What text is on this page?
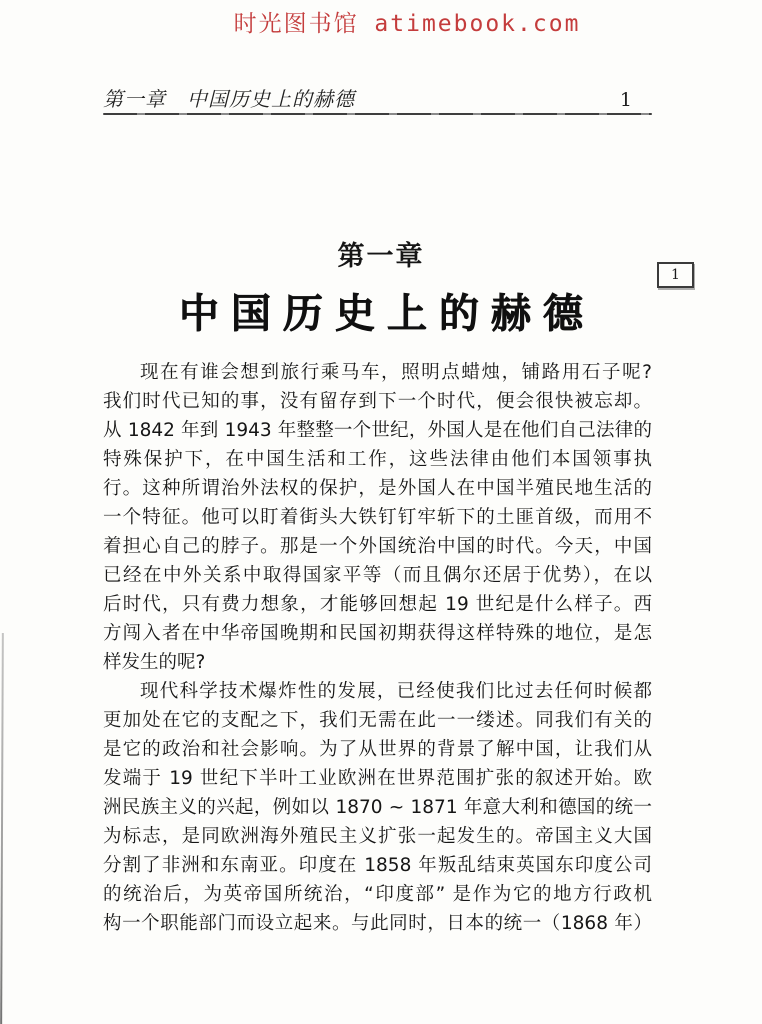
时光图书馆 atimebook.com
第一章　中国历史上的赫德	1
1
第一章
中国历史上的赫德
现在有谁会想到旅行乘马车，照明点蜡烛，铺路用石子呢?
我们时代已知的事，没有留存到下一个时代，便会很快被忘却。
从 1842 年到 1943 年整整一个世纪，外国人是在他们自己法律的
特殊保护下，在中国生活和工作，这些法律由他们本国领事执
行。这种所谓治外法权的保护，是外国人在中国半殖民地生活的
一个特征。他可以盯着街头大铁钉钉牢斩下的土匪首级，而用不
着担心自己的脖子。那是一个外国统治中国的时代。今天，中国
已经在中外关系中取得国家平等（而且偶尔还居于优势），在以
后时代，只有费力想象，才能够回想起 19 世纪是什么样子。西
方闯入者在中华帝国晚期和民国初期获得这样特殊的地位，是怎
样发生的呢?
现代科学技术爆炸性的发展，已经使我们比过去任何时候都
更加处在它的支配之下，我们无需在此一一缕述。同我们有关的
是它的政治和社会影响。为了从世界的背景了解中国，让我们从
发端于 19 世纪下半叶工业欧洲在世界范围扩张的叙述开始。欧
洲民族主义的兴起，例如以 1870 ~ 1871 年意大利和德国的统一
为标志，是同欧洲海外殖民主义扩张一起发生的。帝国主义大国
分割了非洲和东南亚。印度在 1858 年叛乱结束英国东印度公司
的统治后，为英帝国所统治，“印度部” 是作为它的地方行政机
构一个职能部门而设立起来。与此同时，日本的统一（1868 年）
